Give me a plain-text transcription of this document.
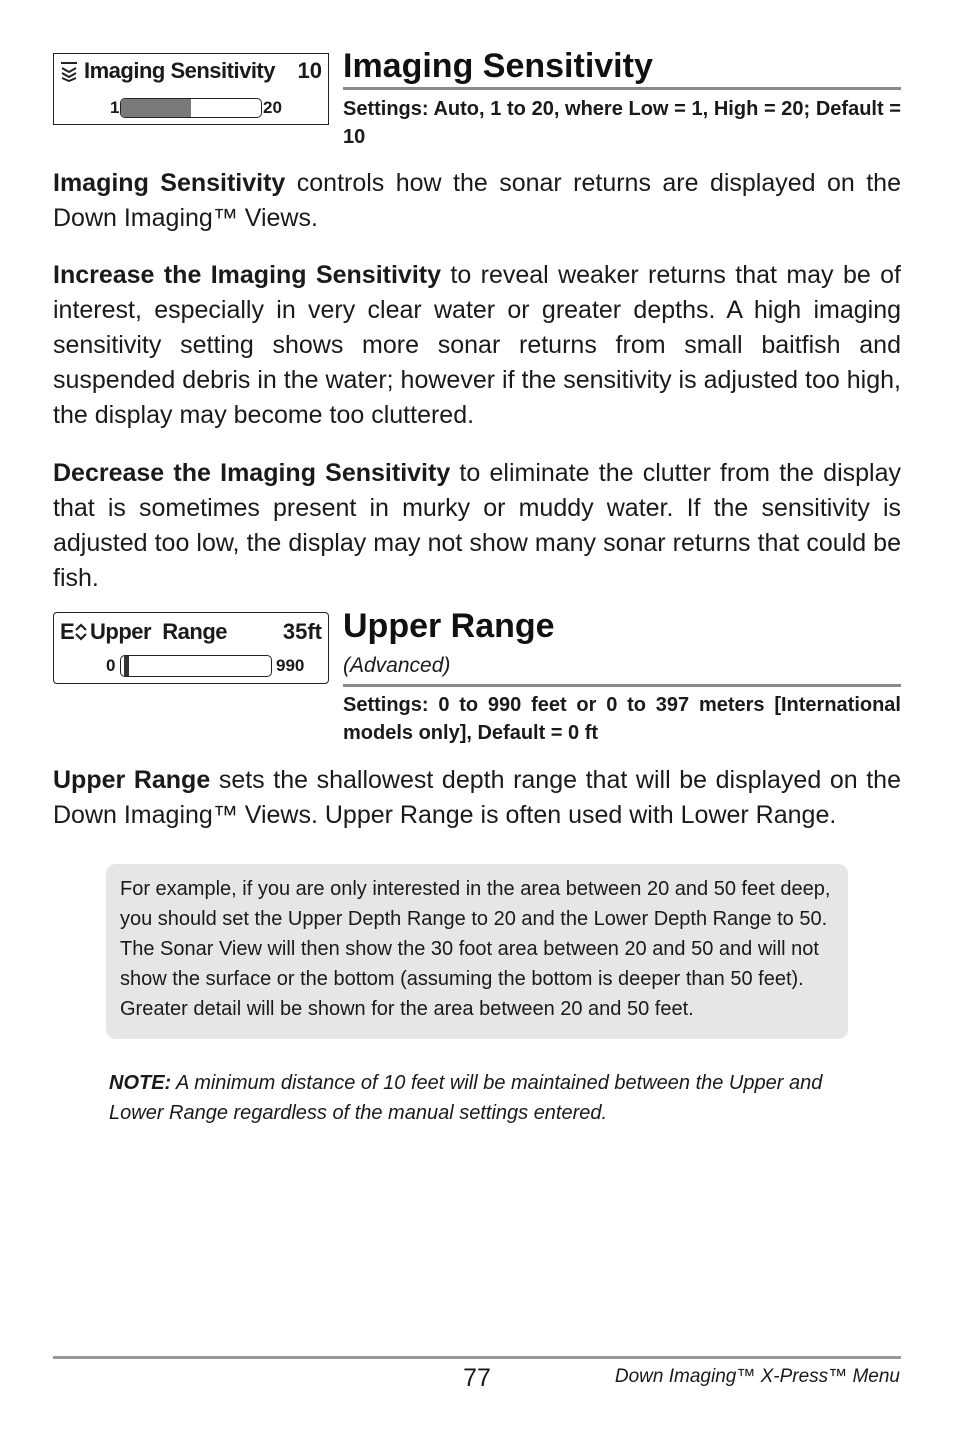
Imaging Sensitivity 10
1	20
Imaging Sensitivity
Settings: Auto, 1 to 20, where Low = 1, High = 20; Default = 10
Imaging Sensitivity controls how the sonar returns are displayed on the Down Imaging™ Views.
Increase the Imaging Sensitivity to reveal weaker returns that may be of interest, especially in very clear water or greater depths. A high imaging sensitivity setting shows more sonar returns from small baitfish and suspended debris in the water; however if the sensitivity is adjusted too high, the display may become too cluttered.
Decrease the Imaging Sensitivity to eliminate the clutter from the display that is sometimes present in murky or muddy water. If the sensitivity is adjusted too low, the display may not show many sonar returns that could be fish.
E Upper  Range	35ft
0	990
Upper Range
(Advanced)
Settings: 0 to 990 feet or 0 to 397 meters [International models only], Default = 0 ft
Upper Range sets the shallowest depth range that will be displayed on the Down Imaging™ Views. Upper Range is often used with Lower Range.
For example, if you are only interested in the area between 20 and 50 feet deep, you should set the Upper Depth Range to 20 and the Lower Depth Range to 50. The Sonar View will then show the 30 foot area between 20 and 50 and will not show the surface or the bottom (assuming the bottom is deeper than 50 feet). Greater detail will be shown for the area between 20 and 50 feet.
NOTE: A minimum distance of 10 feet will be maintained between the Upper and Lower Range regardless of the manual settings entered.
77	Down Imaging™ X-Press™ Menu
